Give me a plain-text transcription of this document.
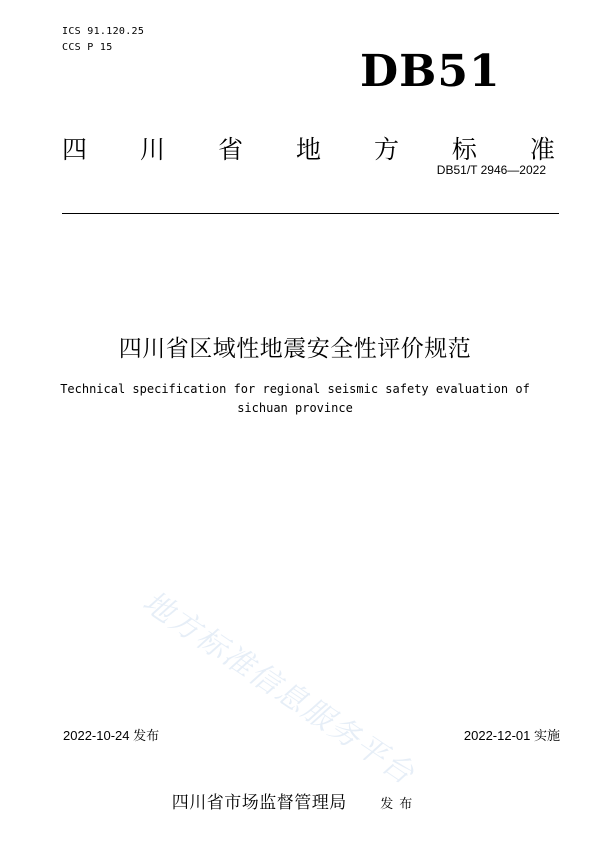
ICS 91.120.25
CCS P 15	DB51
四 川 省 地 方 标 准
DB51/T 2946—2022
四川省区域性地震安全性评价规范
Technical specification for regional seismic safety evaluation of
sichuan province
地方标准信息服务平台
2022-10-24 发布	2022-12-01 实施
四川省市场监督管理局	发布
